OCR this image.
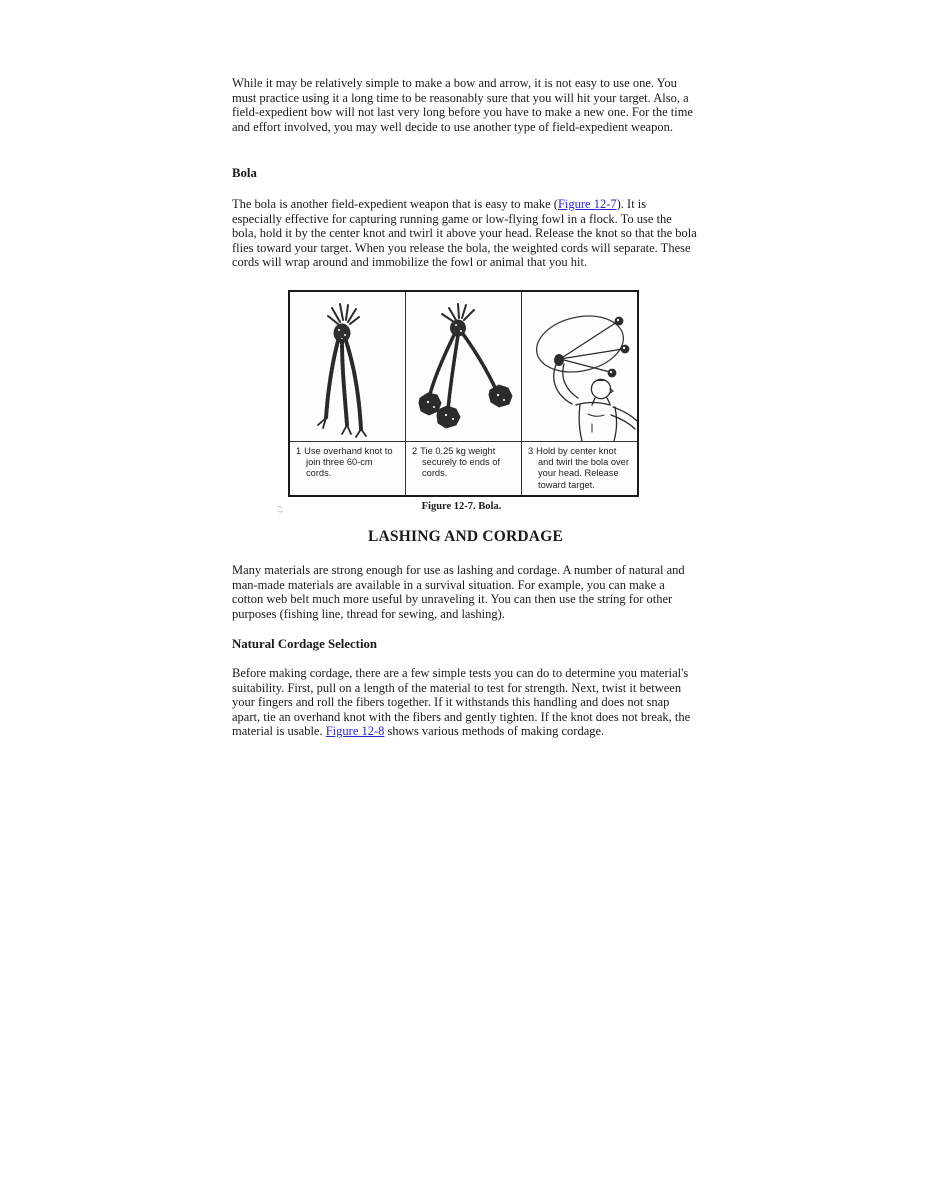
While it may be relatively simple to make a bow and arrow, it is not easy to use one. You must practice using it a long time to be reasonably sure that you will hit your target. Also, a field-expedient bow will not last very long before you have to make a new one. For the time and effort involved, you may well decide to use another type of field-expedient weapon.

Bola

The bola is another field-expedient weapon that is easy to make (Figure 12-7). It is especially effective for capturing running game or low-flying fowl in a flock. To use the bola, hold it by the center knot and twirl it above your head. Release the knot so that the bola flies toward your target. When you release the bola, the weighted cords will separate. These cords will wrap around and immobilize the fowl or animal that you hit.

1 Use overhand knot to join three 60-cm cords.
2 Tie 0.25 kg weight securely to ends of cords.
3 Hold by center knot and twirl the bola over your head. Release toward target.
Figure 12-7. Bola.
LASHING AND CORDAGE

Many materials are strong enough for use as lashing and cordage. A number of natural and man-made materials are available in a survival situation. For example, you can make a cotton web belt much more useful by unraveling it. You can then use the string for other purposes (fishing line, thread for sewing, and lashing).

Natural Cordage Selection

Before making cordage, there are a few simple tests you can do to determine you material's suitability. First, pull on a length of the material to test for strength. Next, twist it between your fingers and roll the fibers together. If it withstands this handling and does not snap apart, tie an overhand knot with the fibers and gently tighten. If the knot does not break, the material is usable. Figure 12-8 shows various methods of making cordage.
